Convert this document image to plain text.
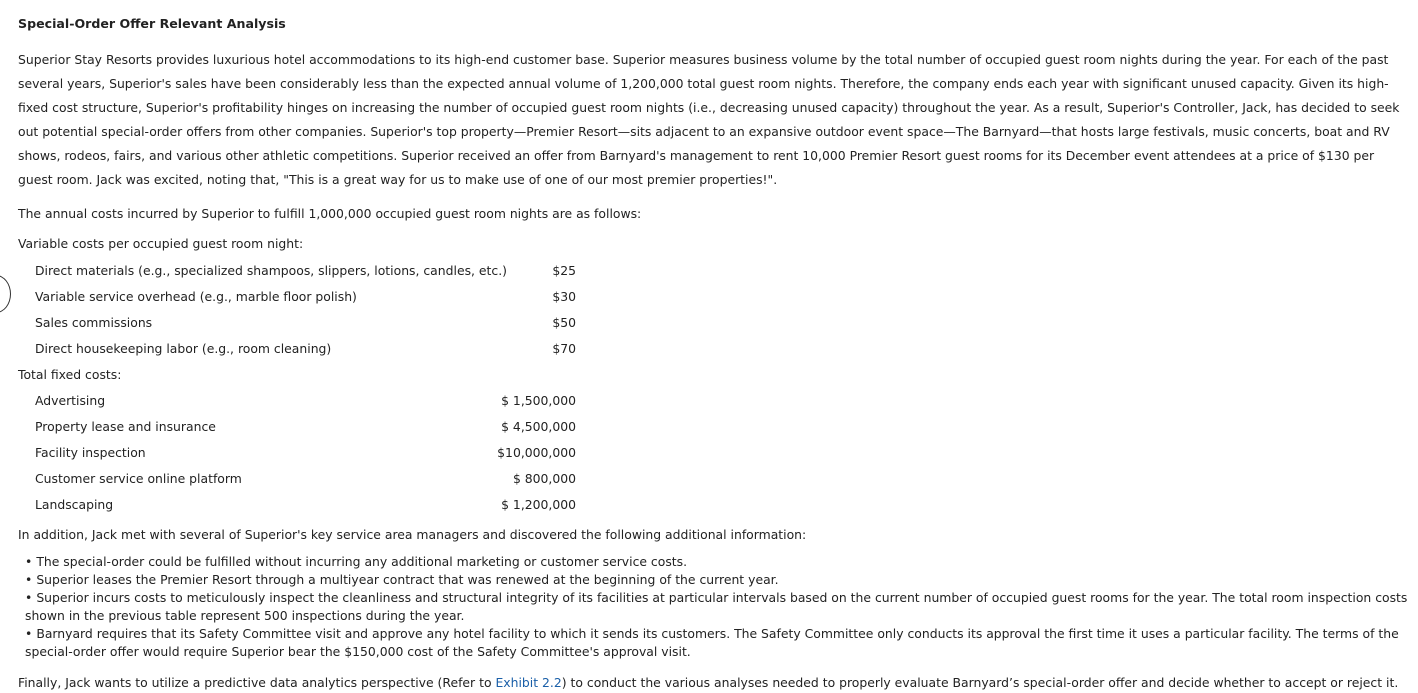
Special-Order Offer Relevant Analysis

Superior Stay Resorts provides luxurious hotel accommodations to its high-end customer base. Superior measures business volume by the total number of occupied guest room nights during the year. For each of the past several years, Superior's sales have been considerably less than the expected annual volume of 1,200,000 total guest room nights. Therefore, the company ends each year with significant unused capacity. Given its high-fixed cost structure, Superior's profitability hinges on increasing the number of occupied guest room nights (i.e., decreasing unused capacity) throughout the year. As a result, Superior's Controller, Jack, has decided to seek out potential special-order offers from other companies. Superior's top property—Premier Resort—sits adjacent to an expansive outdoor event space—The Barnyard—that hosts large festivals, music concerts, boat and RV shows, rodeos, fairs, and various other athletic competitions. Superior received an offer from Barnyard's management to rent 10,000 Premier Resort guest rooms for its December event attendees at a price of $130 per guest room. Jack was excited, noting that, "This is a great way for us to make use of one of our most premier properties!".

The annual costs incurred by Superior to fulfill 1,000,000 occupied guest room nights are as follows:
Variable costs per occupied guest room night:
Direct materials (e.g., specialized shampoos, slippers, lotions, candles, etc.)	$25
Variable service overhead (e.g., marble floor polish)	$30
Sales commissions	$50
Direct housekeeping labor (e.g., room cleaning)	$70
Total fixed costs:
Advertising	$ 1,500,000
Property lease and insurance	$ 4,500,000
Facility inspection	$10,000,000
Customer service online platform	$ 800,000
Landscaping	$ 1,200,000
In addition, Jack met with several of Superior's key service area managers and discovered the following additional information:
• The special-order could be fulfilled without incurring any additional marketing or customer service costs.
• Superior leases the Premier Resort through a multiyear contract that was renewed at the beginning of the current year.
• Superior incurs costs to meticulously inspect the cleanliness and structural integrity of its facilities at particular intervals based on the current number of occupied guest rooms for the year. The total room inspection costs shown in the previous table represent 500 inspections during the year.
• Barnyard requires that its Safety Committee visit and approve any hotel facility to which it sends its customers. The Safety Committee only conducts its approval the first time it uses a particular facility. The terms of the special-order offer would require Superior bear the $150,000 cost of the Safety Committee's approval visit.
Finally, Jack wants to utilize a predictive data analytics perspective (Refer to Exhibit 2.2) to conduct the various analyses needed to properly evaluate Barnyard’s special-order offer and decide whether to accept or reject it.
